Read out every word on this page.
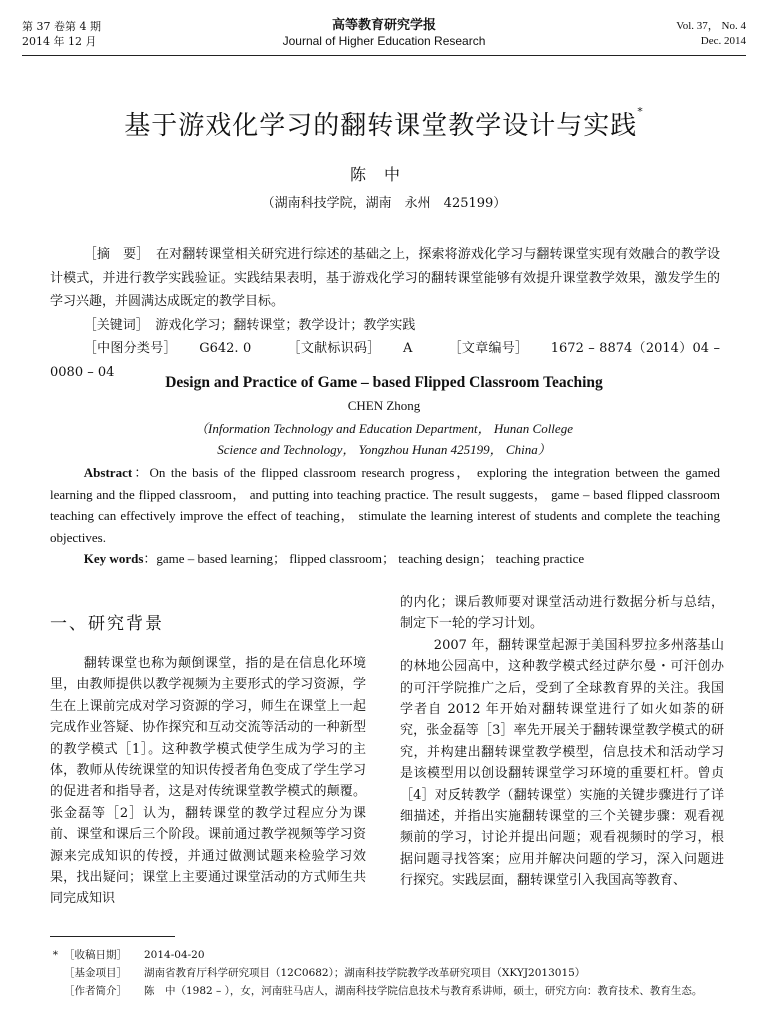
第 37 卷第 4 期
2014 年 12 月
高等教育研究学报
Journal of Higher Education Research
Vol. 37， No. 4
Dec. 2014
基于游戏化学习的翻转课堂教学设计与实践*
陈中
（湖南科技学院，湖南　永州　425199）

［摘　要］　 在对翻转课堂相关研究进行综述的基础之上，探索将游戏化学习与翻转课堂实现有效融合的教学设计模式，并进行教学实践验证。实践结果表明，基于游戏化学习的翻转课堂能够有效提升课堂教学效果，激发学生的学习兴趣，并圆满达成既定的教学目标。

［关键词］　 游戏化学习；翻转课堂；教学设计；教学实践

［中图分类号］ G642. 0	［文献标识码］ A	［文章编号］ 1672 – 8874（2014）04 – 0080 – 04

Design and Practice of Game – based Flipped Classroom Teaching
CHEN Zhong
（Information Technology and Education Department， Hunan College
Science and Technology， Yongzhou Hunan 425199， China）

Abstract：On the basis of the flipped classroom research progress， exploring the integration between the gamed learning and the flipped classroom， and putting into teaching practice. The result suggests， game – based flipped classroom teaching can effectively improve the effect of teaching， stimulate the learning interest of students and complete the teaching objectives.

Key words：game – based learning； flipped classroom； teaching design； teaching practice

一、研究背景

翻转课堂也称为颠倒课堂，指的是在信息化环境里，由教师提供以教学视频为主要形式的学习资源，学生在上课前完成对学习资源的学习，师生在课堂上一起完成作业答疑、协作探究和互动交流等活动的一种新型的教学模式［1］。这种教学模式使学生成为学习的主体，教师从传统课堂的知识传授者角色变成了学生学习的促进者和指导者，这是对传统课堂教学模式的颠覆。张金磊等［2］认为，翻转课堂的教学过程应分为课前、课堂和课后三个阶段。课前通过教学视频等学习资源来完成知识的传授，并通过做测试题来检验学习效果，找出疑问；课堂上主要通过课堂活动的方式师生共同完成知识

的内化；课后教师要对课堂活动进行数据分析与总结，制定下一轮的学习计划。

2007 年，翻转课堂起源于美国科罗拉多州落基山的林地公园高中，这种教学模式经过萨尔曼・可汗创办的可汗学院推广之后，受到了全球教育界的关注。我国学者自 2012 年开始对翻转课堂进行了如火如荼的研究，张金磊等［3］率先开展关于翻转课堂教学模式的研究，并构建出翻转课堂教学模型，信息技术和活动学习是该模型用以创设翻转课堂学习环境的重要杠杆。曾贞［4］对反转教学（翻转课堂）实施的关键步骤进行了详细描述，并指出实施翻转课堂的三个关键步骤：观看视频前的学习，讨论并提出问题；观看视频时的学习，根据问题寻找答案；应用并解决问题的学习，深入问题进行探究。实践层面，翻转课堂引入我国高等教育、

* ［收稿日期］	2014-04-20
［基金项目］	湖南省教育厅科学研究项目（12C0682）；湖南科技学院教学改革研究项目（XKYJ2013015）
［作者简介］	陈　中（1982 – ），女，河南驻马店人，湖南科技学院信息技术与教育系讲师，硕士，研究方向：教育技术、教育生态。
